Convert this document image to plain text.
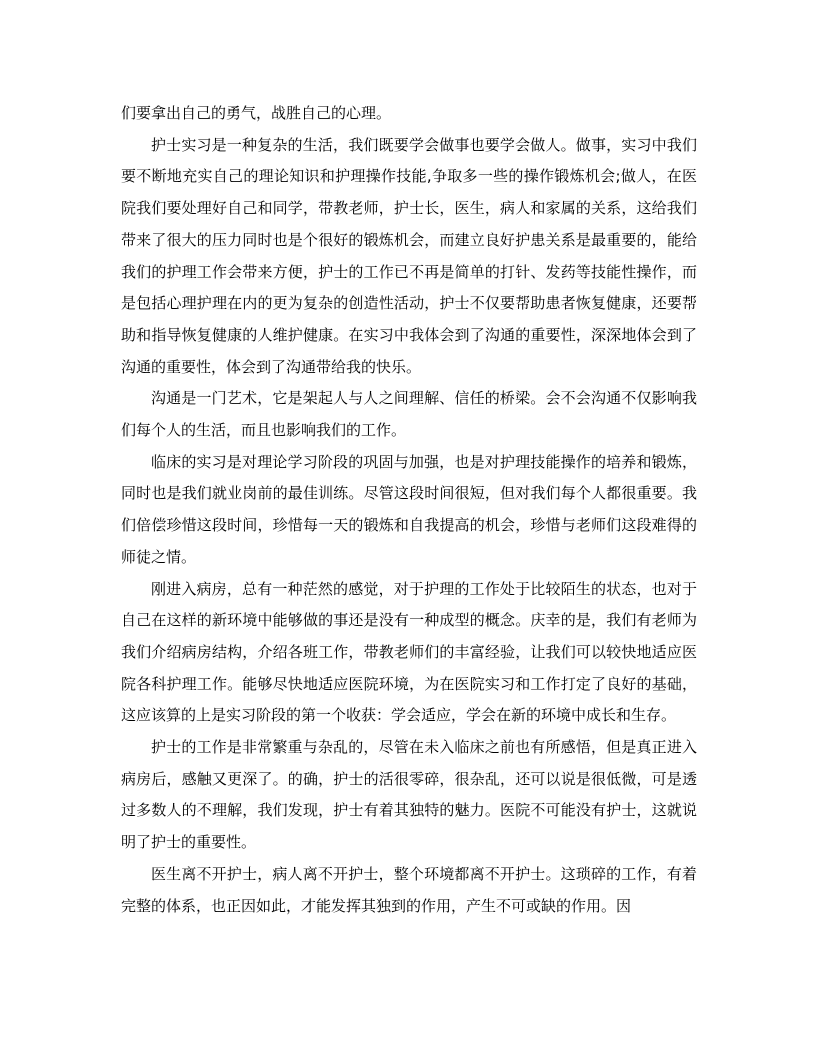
们要拿出自己的勇气，战胜自己的心理。

护士实习是一种复杂的生活，我们既要学会做事也要学会做人。做事，实习中我们要不断地充实自己的理论知识和护理操作技能,争取多一些的操作锻炼机会;做人，在医院我们要处理好自己和同学，带教老师，护士长，医生，病人和家属的关系，这给我们带来了很大的压力同时也是个很好的锻炼机会，而建立良好护患关系是最重要的，能给我们的护理工作会带来方便，护士的工作已不再是简单的打针、发药等技能性操作，而是包括心理护理在内的更为复杂的创造性活动，护士不仅要帮助患者恢复健康，还要帮助和指导恢复健康的人维护健康。在实习中我体会到了沟通的重要性，深深地体会到了沟通的重要性，体会到了沟通带给我的快乐。

沟通是一门艺术，它是架起人与人之间理解、信任的桥梁。会不会沟通不仅影响我们每个人的生活，而且也影响我们的工作。

临床的实习是对理论学习阶段的巩固与加强，也是对护理技能操作的培养和锻炼，同时也是我们就业岗前的最佳训练。尽管这段时间很短，但对我们每个人都很重要。我们倍偿珍惜这段时间，珍惜每一天的锻炼和自我提高的机会，珍惜与老师们这段难得的师徒之情。

刚进入病房，总有一种茫然的感觉，对于护理的工作处于比较陌生的状态，也对于自己在这样的新环境中能够做的事还是没有一种成型的概念。庆幸的是，我们有老师为我们介绍病房结构，介绍各班工作，带教老师们的丰富经验，让我们可以较快地适应医院各科护理工作。能够尽快地适应医院环境，为在医院实习和工作打定了良好的基础，这应该算的上是实习阶段的第一个收获：学会适应，学会在新的环境中成长和生存。

护士的工作是非常繁重与杂乱的，尽管在未入临床之前也有所感悟，但是真正进入病房后，感触又更深了。的确，护士的活很零碎，很杂乱，还可以说是很低微，可是透过多数人的不理解，我们发现，护士有着其独特的魅力。医院不可能没有护士，这就说明了护士的重要性。

医生离不开护士，病人离不开护士，整个环境都离不开护士。这琐碎的工作，有着完整的体系，也正因如此，才能发挥其独到的作用，产生不可或缺的作用。因
